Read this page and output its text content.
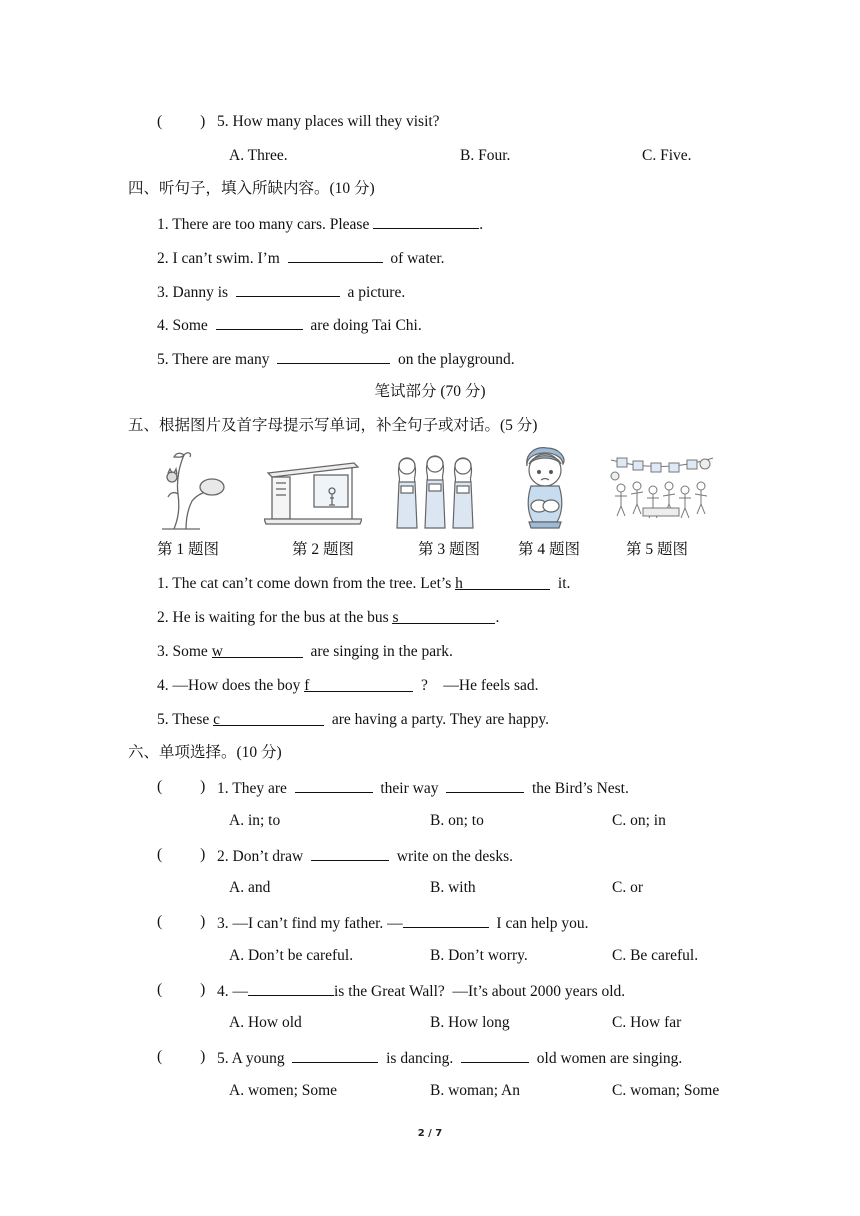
( ) 5. How many places will they visit?
A. Three.	B. Four.	C. Five.
四、听句子，填入所缺内容。(10 分)
1. There are too many cars. Please	.
2. I can’t swim. I’m	of water.
3. Danny is	a picture.
4. Some	are doing Tai Chi.
5. There are many	on the playground.
笔试部分 (70 分)
五、根据图片及首字母提示写单词，补全句子或对话。(5 分)
第 1 题图	第 2 题图	第 3 题图 第 4 题图	第 5 题图
1. The cat can’t come down from the tree. Let’s h	it.
2. He is waiting for the bus at the bus s	.
3. Some w	are singing in the park.
4. —How does the boy f	?    —He feels sad.
5. These c	are having a party. They are happy.
六、单项选择。(10 分)
( ) 1. They are	their way	the Bird’s Nest.
A. in; to	B. on; to	C. on; in
( ) 2. Don’t draw	write on the desks.
A. and	B. with	C. or
( ) 3. —I can’t find my father. —	I can help you.
A. Don’t be careful.	B. Don’t worry.	C. Be careful.
( ) 4. —	is the Great Wall?  —It’s about 2000 years old.
A. How old	B. How long	C. How far
( ) 5. A young	is dancing.	old women are singing.
A. women; Some	B. woman; An	C. woman; Some
2 / 7
